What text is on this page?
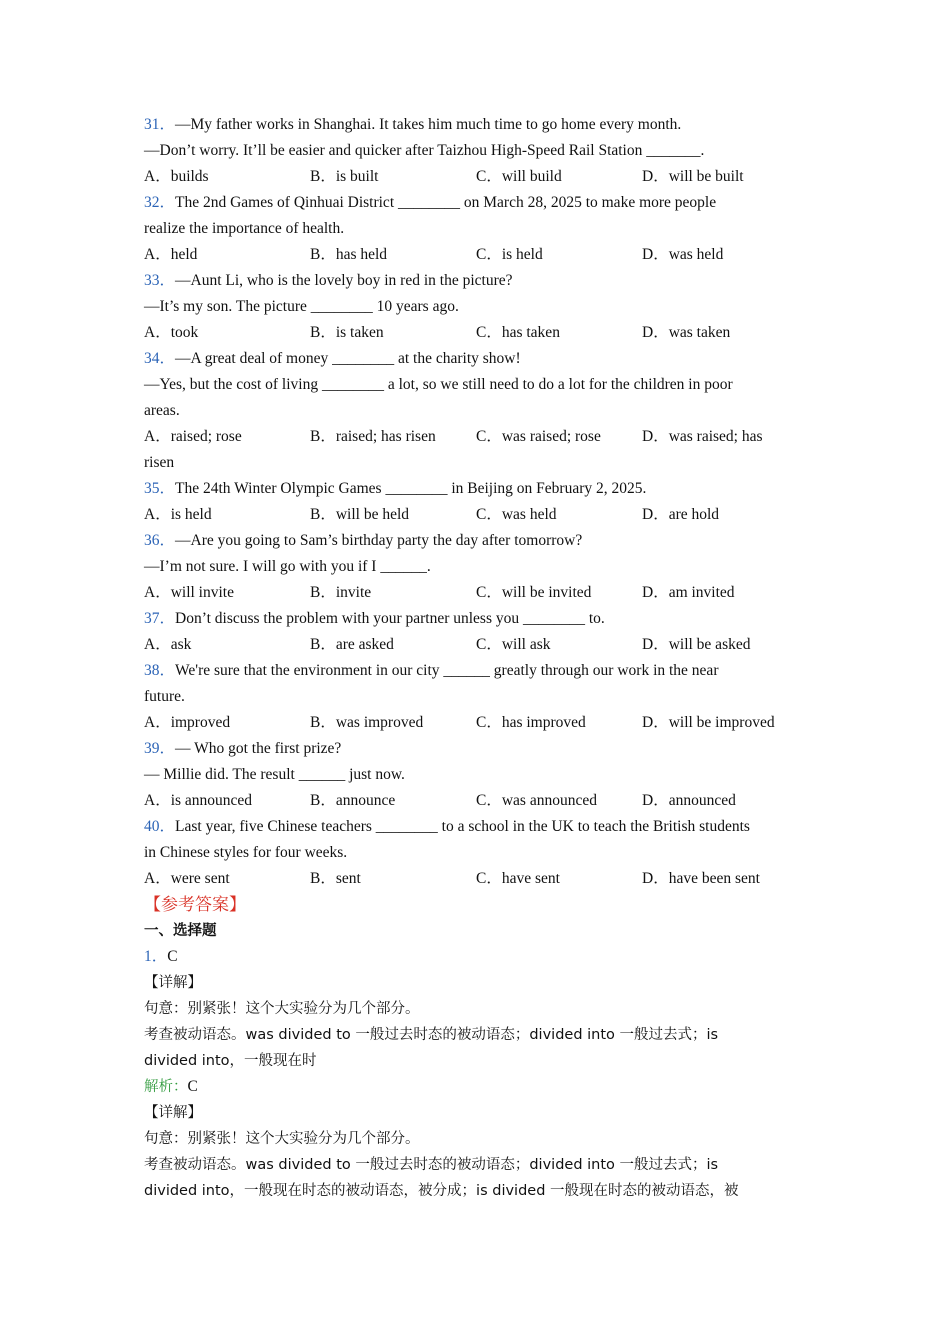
31．—My father works in Shanghai. It takes him much time to go home every month.
—Don’t worry. It’ll be easier and quicker after Taizhou High-Speed Rail Station _______.
A．builds	B．is built	C．will build	D．will be built
32．The 2nd Games of Qinhuai District ________ on March 28, 2025 to make more people
realize the importance of health.
A．held	B．has held	C．is held	D．was held
33．—Aunt Li, who is the lovely boy in red in the picture?
—It’s my son. The picture ________ 10 years ago.
A．took	B．is taken	C．has taken	D．was taken
34．—A great deal of money ________ at the charity show!
—Yes, but the cost of living ________ a lot, so we still need to do a lot for the children in poor
areas.
A．raised; rose	B．raised; has risen	C．was raised; rose	D．was raised; has
risen
35．The 24th Winter Olympic Games ________ in Beijing on February 2, 2025.
A．is held	B．will be held	C．was held	D．are hold
36．—Are you going to Sam’s birthday party the day after tomorrow?
—I’m not sure. I will go with you if I ______.
A．will invite	B．invite	C．will be invited	D．am invited
37．Don’t discuss the problem with your partner unless you ________ to.
A．ask	B．are asked	C．will ask	D．will be asked
38．We're sure that the environment in our city ______ greatly through our work in the near
future.
A．improved	B．was improved	C．has improved	D．will be improved
39．— Who got the first prize?
— Millie did. The result ______ just now.
A．is announced	B．announce	C．was announced	D．announced
40．Last year, five Chinese teachers ________ to a school in the UK to teach the British students
in Chinese styles for four weeks.
A．were sent	B．sent	C．have sent	D．have been sent
【参考答案】
一、选择题
1．C
【详解】
句意：别紧张！这个大实验分为几个部分。
考查被动语态。was divided to 一般过去时态的被动语态；divided into 一般过去式；is
divided into，一般现在时
解析：C
【详解】
句意：别紧张！这个大实验分为几个部分。
考查被动语态。was divided to 一般过去时态的被动语态；divided into 一般过去式；is
divided into，一般现在时态的被动语态，被分成；is divided 一般现在时态的被动语态，被
